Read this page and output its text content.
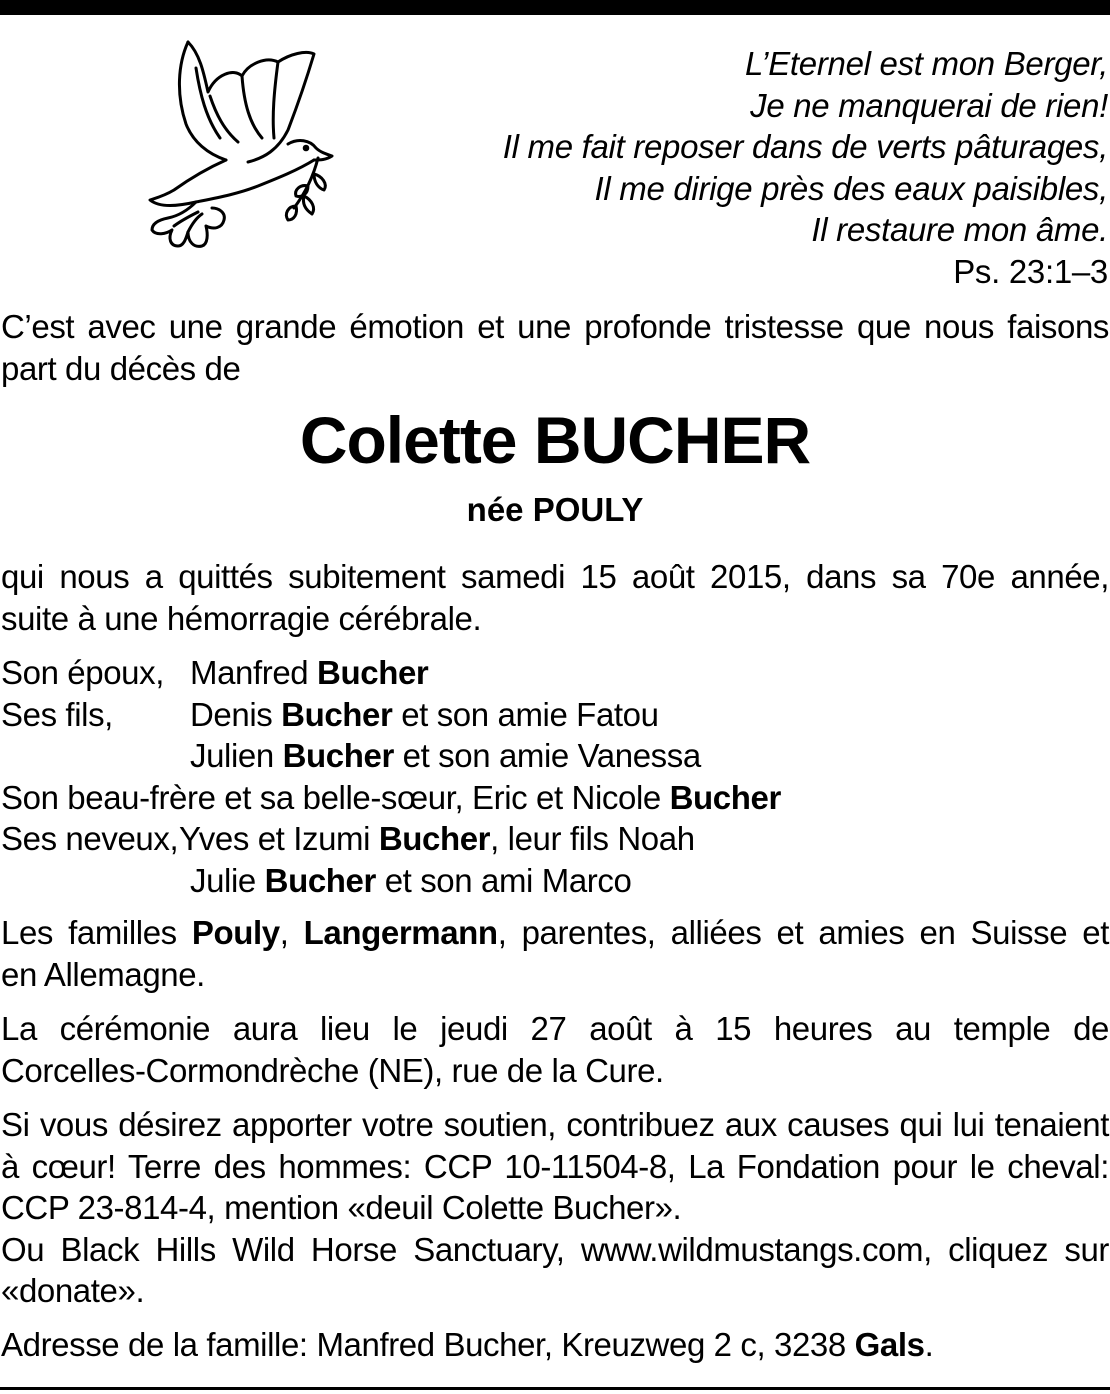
L’Eternel est mon Berger,
Je ne manquerai de rien!
Il me fait reposer dans de verts pâturages,
Il me dirige près des eaux paisibles,
Il restaure mon âme.
Ps. 23:1–3
C’est avec une grande émotion et une profonde tristesse que nous faisons
part du décès de
Colette BUCHER
née POULY
qui nous a quittés subitement samedi 15 août 2015, dans sa 70e année,
suite à une hémorragie cérébrale.
Son époux, Manfred Bucher
Ses fils, Denis Bucher et son amie Fatou
Julien Bucher et son amie Vanessa
Son beau-frère et sa belle-sœur, Eric et Nicole Bucher
Ses neveux, Yves et Izumi Bucher, leur fils Noah
Julie Bucher et son ami Marco
Les familles Pouly, Langermann, parentes, alliées et amies en Suisse et
en Allemagne.
La cérémonie aura lieu le jeudi 27 août à 15 heures au temple de
Corcelles-Cormondrèche (NE), rue de la Cure.
Si vous désirez apporter votre soutien, contribuez aux causes qui lui tenaient
à cœur! Terre des hommes: CCP 10-11504-8, La Fondation pour le cheval:
CCP 23-814-4, mention «deuil Colette Bucher».
Ou Black Hills Wild Horse Sanctuary, www.wildmustangs.com, cliquez sur
«donate».
Adresse de la famille: Manfred Bucher, Kreuzweg 2 c, 3238 Gals.
